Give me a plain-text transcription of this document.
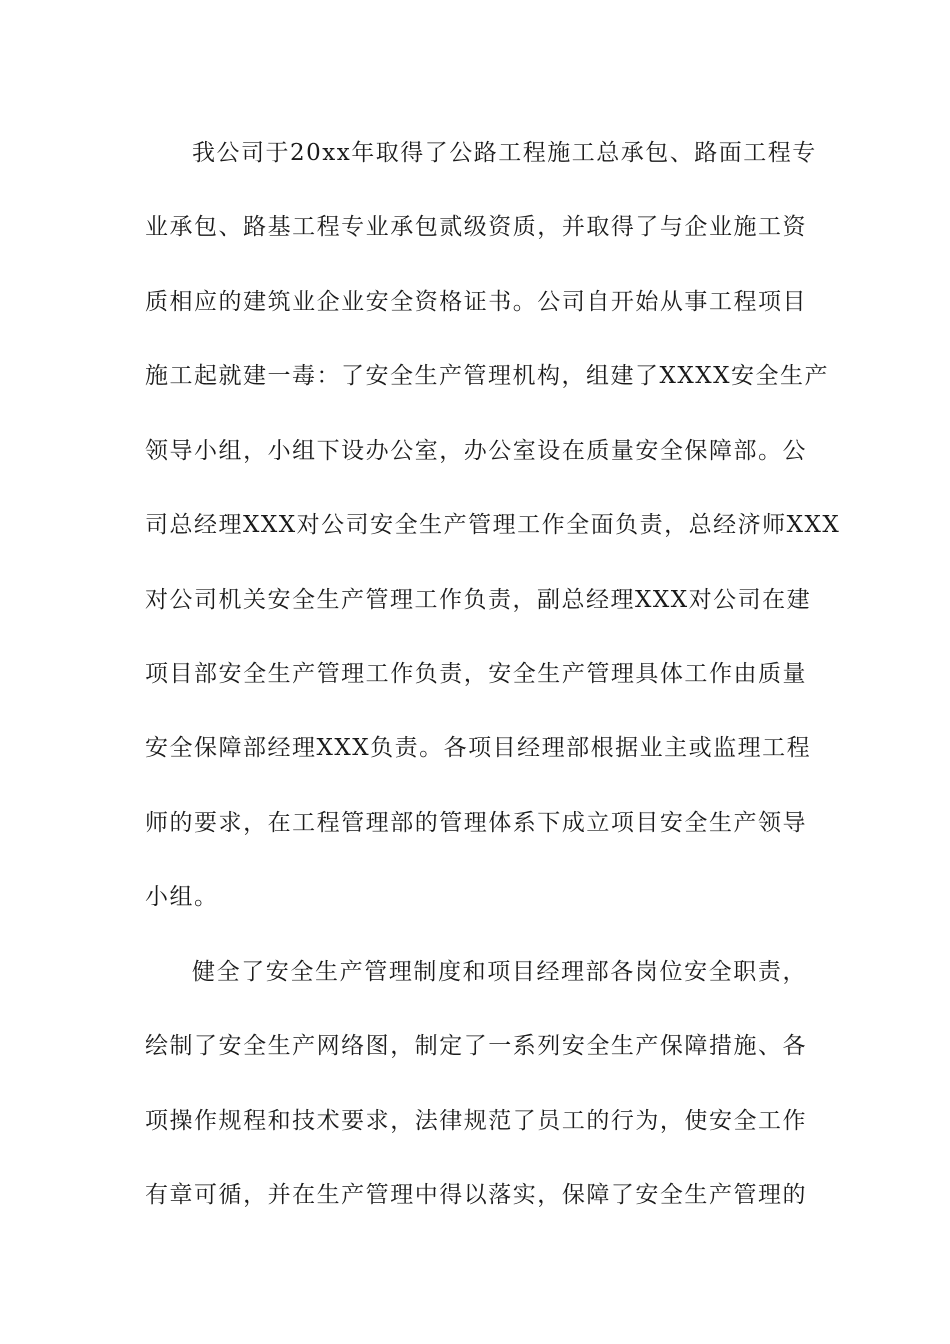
我公司于20xx年取得了公路工程施工总承包、路面工程专
业承包、路基工程专业承包贰级资质，并取得了与企业施工资
质相应的建筑业企业安全资格证书。公司自开始从事工程项目
施工起就建一毒：了安全生产管理机构，组建了XXXX安全生产
领导小组，小组下设办公室，办公室设在质量安全保障部。公
司总经理XXX对公司安全生产管理工作全面负责，总经济师XXX
对公司机关安全生产管理工作负责，副总经理XXX对公司在建
项目部安全生产管理工作负责，安全生产管理具体工作由质量
安全保障部经理XXX负责。各项目经理部根据业主或监理工程
师的要求，在工程管理部的管理体系下成立项目安全生产领导
小组。
健全了安全生产管理制度和项目经理部各岗位安全职责，
绘制了安全生产网络图，制定了一系列安全生产保障措施、各
项操作规程和技术要求，法律规范了员工的行为，使安全工作
有章可循，并在生产管理中得以落实，保障了安全生产管理的
